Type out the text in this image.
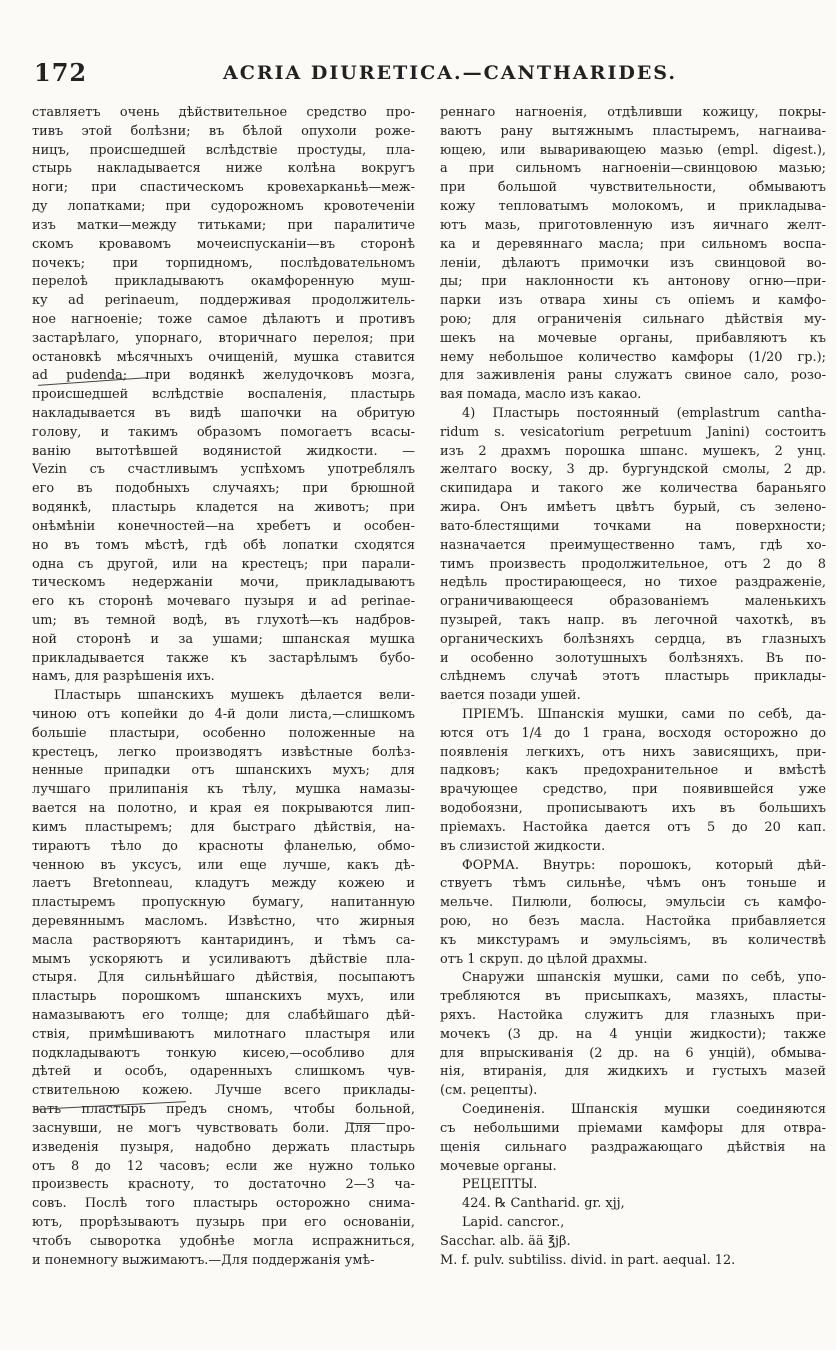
172	ACRIA DIURETICA.—CANTHARIDES.
ставляетъ очень дѣйствительное средство про-
тивъ этой болѣзни; въ бѣлой опухоли роже-
ницъ, происшедшей вслѣдствіе простуды, пла-
стырь накладывается ниже колѣна вокругъ
ноги; при спастическомъ кровехарканьѣ—меж-
ду лопатками; при судорожномъ кровотеченіи
изъ матки—между титьками; при паралитиче
скомъ кровавомъ мочеиспусканіи—въ сторонѣ
почекъ; при торпидномъ, послѣдовательномъ
перелоѣ прикладываютъ окамфоренную муш-
ку ad perinaeum, поддерживая продолжитель-
ное нагноеніе; тоже самое дѣлаютъ и противъ
застарѣлаго, упорнаго, вторичнаго перелоя; при
остановкѣ мѣсячныхъ очищеній, мушка ставится
ad pudenda; при водянкѣ желудочковъ мозга,
происшедшей вслѣдствіе воспаленія, пластырь
накладывается въ видѣ шапочки на обритую
голову, и такимъ образомъ помогаетъ всасы-
ванію вытотѣвшей водянистой жидкости. —
Vezin съ счастливымъ успѣхомъ употреблялъ
его въ подобныхъ случаяхъ; при брюшной
водянкѣ, пластырь кладется на животъ; при
онѣмѣніи конечностей—на хребетъ и особен-
но въ томъ мѣстѣ, гдѣ обѣ лопатки сходятся
одна съ другой, или на крестецъ; при парали-
тическомъ недержаніи мочи, прикладываютъ
его къ сторонѣ мочеваго пузыря и ad perinae-
um; въ темной водѣ, въ глухотѣ—къ надбров-
ной сторонѣ и за ушами; шпанская мушка
прикладывается также къ застарѣлымъ бубо-
намъ, для разрѣшенія ихъ.
Пластырь шпанскихъ мушекъ дѣлается вели-
чиною отъ копейки до 4-й доли листа,—слишкомъ
большіе пластыри, особенно положенные на
крестецъ, легко производятъ извѣстные болѣз-
ненные припадки отъ шпанскихъ мухъ; для
лучшаго прилипанія къ тѣлу, мушка намазы-
вается на полотно, и края ея покрываются лип-
кимъ пластыремъ; для быстраго дѣйствія, на-
тираютъ тѣло до красноты фланелью, обмо-
ченною въ уксусъ, или еще лучше, какъ дѣ-
лаетъ Bretonneau, кладутъ между кожею и
пластыремъ пропускную бумагу, напитанную
деревяннымъ масломъ. Извѣстно, что жирныя
масла растворяютъ кантаридинъ, и тѣмъ са-
мымъ ускоряютъ и усиливаютъ дѣйствіе пла-
стыря. Для сильнѣйшаго дѣйствія, посыпаютъ
пластырь порошкомъ шпанскихъ мухъ, или
намазываютъ его толще; для слабѣйшаго дѣй-
ствія, примѣшиваютъ милотнаго пластыря или
подкладываютъ тонкую кисею,—особливо для
дѣтей и особъ, одаренныхъ слишкомъ чув-
ствительною кожею. Лучше всего приклады-
вать пластырь предъ сномъ, чтобы больной,
заснувши, не могъ чувствовать боли. Для про-
изведенія пузыря, надобно держать пластырь
отъ 8 до 12 часовъ; если же нужно только
произвесть красноту, то достаточно 2—3 ча-
совъ. Послѣ того пластырь осторожно снима-
ютъ, прорѣзываютъ пузырь при его основаніи,
чтобъ сыворотка удобнѣе могла испражниться,
и понемногу выжимаютъ.—Для поддержанія умѣ-
реннаго нагноенія, отдѣливши кожицу, покры-
ваютъ рану вытяжнымъ пластыремъ, нагнаива-
ющею, или вываривающею мазью (empl. digest.),
а при сильномъ нагноеніи—свинцовою мазью;
при большой чувствительности, обмываютъ
кожу тепловатымъ молокомъ, и прикладыва-
ютъ мазь, приготовленную изъ яичнаго желт-
ка и деревяннаго масла; при сильномъ воспа-
леніи, дѣлаютъ примочки изъ свинцовой во-
ды; при наклонности къ антонову огню—при-
парки изъ отвара хины съ опіемъ и камфо-
рою; для ограниченія сильнаго дѣйствія му-
шекъ на мочевые органы, прибавляютъ къ
нему небольшое количество камфоры (1/20 гр.);
для заживленія раны служатъ свиное сало, розо-
вая помада, масло изъ какао.
4) Пластырь постоянный (emplastrum cantha-
ridum s. vesicatorium perpetuum Janini) состоитъ
изъ 2 драхмъ порошка шпанс. мушекъ, 2 унц.
желтаго воску, 3 др. бургундской смолы, 2 др.
скипидара и такого же количества бараньяго
жира. Онъ имѣетъ цвѣтъ бурый, съ зелено-
вато-блестящими точками на поверхности;
назначается преимущественно тамъ, гдѣ хо-
тимъ произвесть продолжительное, отъ 2 до 8
недѣль простирающееся, но тихое раздраженіе,
ограничивающееся образованіемъ маленькихъ
пузырей, такъ напр. въ легочной чахоткѣ, въ
органическихъ болѣзняхъ сердца, въ глазныхъ
и особенно золотушныхъ болѣзняхъ. Въ по-
слѣднемъ случаѣ этотъ пластырь приклады-
вается позади ушей.
ПРІЕМЪ. Шпанскія мушки, сами по себѣ, да-
ются отъ 1/4 до 1 грана, восходя осторожно до
появленія легкихъ, отъ нихъ зависящихъ, при-
падковъ; какъ предохранительное и вмѣстѣ
врачующее средство, при появившейся уже
водобоязни, прописываютъ ихъ въ большихъ
пріемахъ. Настойка дается отъ 5 до 20 кап.
въ слизистой жидкости.
ФОРМА. Внутрь: порошокъ, который дѣй-
ствуетъ тѣмъ сильнѣе, чѣмъ онъ тоньше и
мельче. Пилюли, болюсы, эмульсіи съ камфо-
рою, но безъ масла. Настойка прибавляется
къ микстурамъ и эмульсіямъ, въ количествѣ
отъ 1 скруп. до цѣлой драхмы.
Снаружи шпанскія мушки, сами по себѣ, упо-
требляются въ присыпкахъ, мазяхъ, пласты-
ряхъ. Настойка служитъ для глазныхъ при-
мочекъ (3 др. на 4 унціи жидкости); также
для впрыскиванія (2 др. на 6 унцій), обмыва-
нія, втиранія, для жидкихъ и густыхъ мазей
(см. рецепты).
Соединенія. Шпанскія мушки соединяются
съ небольшими пріемами камфоры для отвра-
щенія сильнаго раздражающаго дѣйствія на
мочевые органы.
РЕЦЕПТЫ.
424. ℞ Cantharid. gr. xjj,
Lapid. cancror.,
Sacchar. alb. ää ℥jβ.
M. f. pulv. subtiliss. divid. in part. aequal. 12.
